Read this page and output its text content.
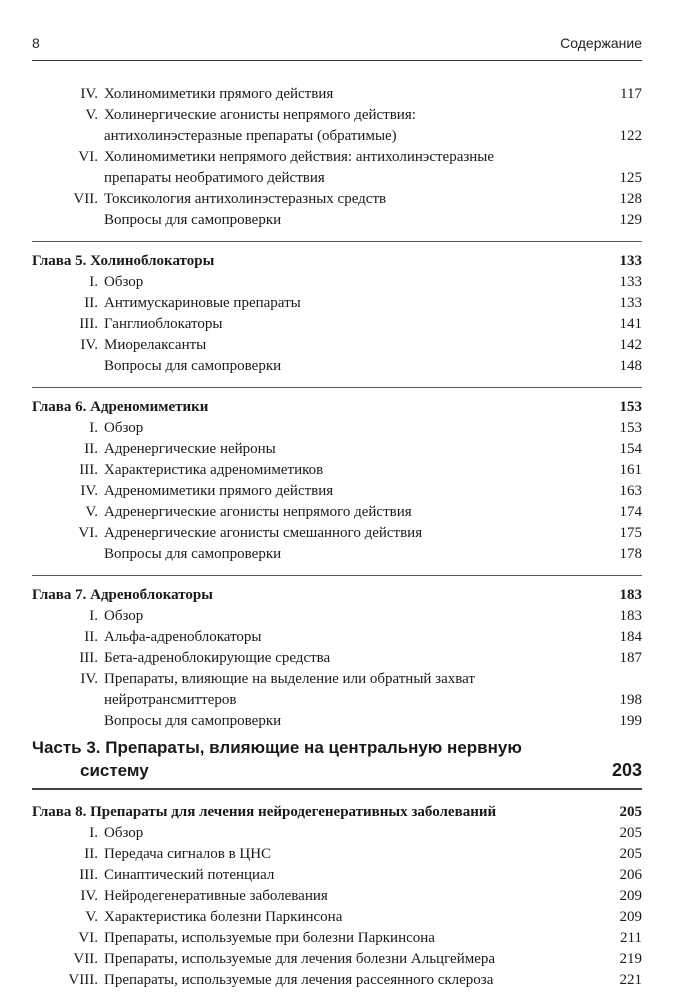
8	Содержание
IV. Холиномиметики прямого действия	117
V. Холинергические агонисты непрямого действия:
антихолинэстеразные препараты (обратимые)	122
VI. Холиномиметики непрямого действия: антихолинэстеразные
препараты необратимого действия	125
VII. Токсикология антихолинэстеразных средств	128
Вопросы для самопроверки	129
Глава 5. Холиноблокаторы	133
I. Обзор	133
II. Антимускариновые препараты	133
III. Ганглиоблокаторы	141
IV. Миорелаксанты	142
Вопросы для самопроверки	148
Глава 6. Адреномиметики	153
I. Обзор	153
II. Адренергические нейроны	154
III. Характеристика адреномиметиков	161
IV. Адреномиметики прямого действия	163
V. Адренергические агонисты непрямого действия	174
VI. Адренергические агонисты смешанного действия	175
Вопросы для самопроверки	178
Глава 7. Адреноблокаторы	183
I. Обзор	183
II. Альфа-адреноблокаторы	184
III. Бета-адреноблокирующие средства	187
IV. Препараты, влияющие на выделение или обратный захват
нейротрансмиттеров	198
Вопросы для самопроверки	199
Часть 3. Препараты, влияющие на центральную нервную
систему	203
Глава 8. Препараты для лечения нейродегенеративных заболеваний	205
I. Обзор	205
II. Передача сигналов в ЦНС	205
III. Синаптический потенциал	206
IV. Нейродегенеративные заболевания	209
V. Характеристика болезни Паркинсона	209
VI. Препараты, используемые при болезни Паркинсона	211
VII. Препараты, используемые для лечения болезни Альцгеймера	219
VIII. Препараты, используемые для лечения рассеянного склероза	221
